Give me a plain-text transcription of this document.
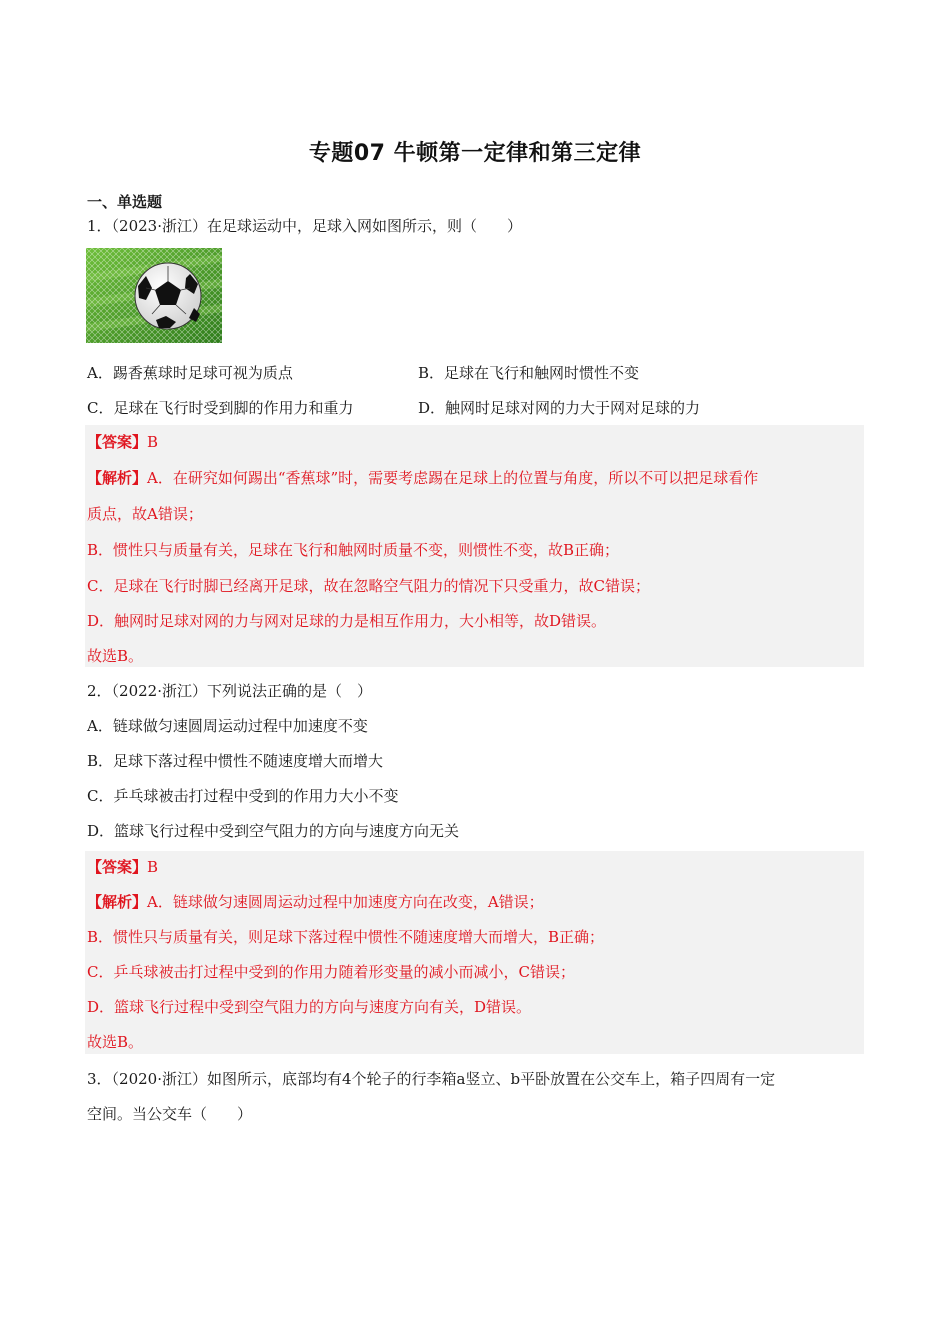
专题07 牛顿第一定律和第三定律
一、单选题
1．（2023·浙江）在足球运动中，足球入网如图所示，则（　　）
A．踢香蕉球时足球可视为质点	B．足球在飞行和触网时惯性不变
C．足球在飞行时受到脚的作用力和重力	D．触网时足球对网的力大于网对足球的力
【答案】B
【解析】A．在研究如何踢出“香蕉球”时，需要考虑踢在足球上的位置与角度，所以不可以把足球看作
质点，故A错误；
B．惯性只与质量有关，足球在飞行和触网时质量不变，则惯性不变，故B正确；
C．足球在飞行时脚已经离开足球，故在忽略空气阻力的情况下只受重力，故C错误；
D．触网时足球对网的力与网对足球的力是相互作用力，大小相等，故D错误。
故选B。
2．（2022·浙江）下列说法正确的是（　）
A．链球做匀速圆周运动过程中加速度不变
B．足球下落过程中惯性不随速度增大而增大
C．乒乓球被击打过程中受到的作用力大小不变
D．篮球飞行过程中受到空气阻力的方向与速度方向无关
【答案】B
【解析】A．链球做匀速圆周运动过程中加速度方向在改变，A错误；
B．惯性只与质量有关，则足球下落过程中惯性不随速度增大而增大，B正确；
C．乒乓球被击打过程中受到的作用力随着形变量的减小而减小，C错误；
D．篮球飞行过程中受到空气阻力的方向与速度方向有关，D错误。
故选B。
3．（2020·浙江）如图所示，底部均有4个轮子的行李箱a竖立、b平卧放置在公交车上，箱子四周有一定
空间。当公交车（　　）
